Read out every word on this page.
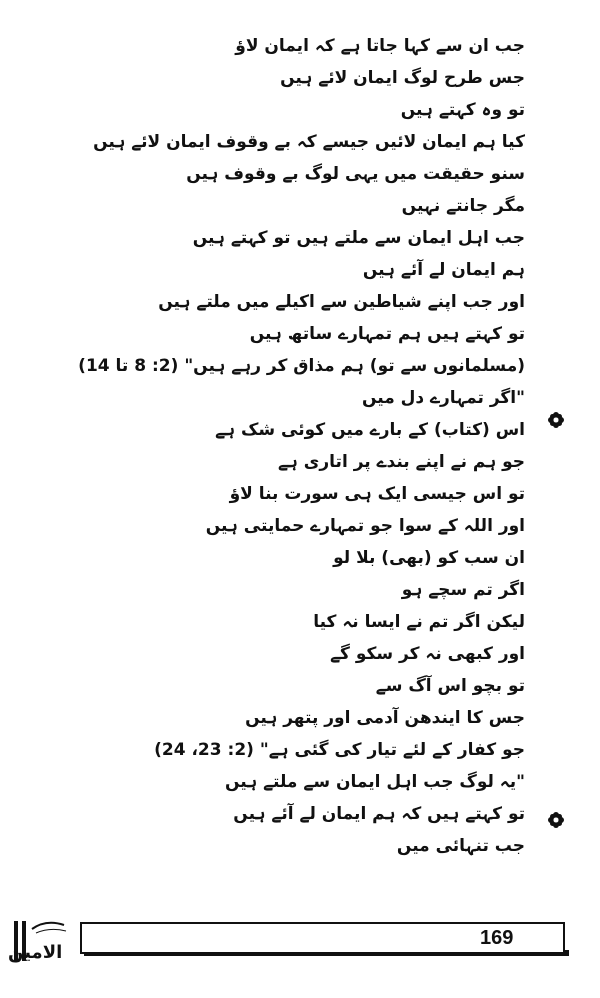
جب ان سے کہا جاتا ہے کہ ایمان لاؤ
جس طرح لوگ ایمان لائے ہیں
تو وہ کہتے ہیں
کیا ہم ایمان لائیں جیسے کہ بے وقوف ایمان لائے ہیں
سنو حقیقت میں یہی لوگ بے وقوف ہیں
مگر جانتے نہیں
جب اہل ایمان سے ملتے ہیں تو کہتے ہیں
ہم ایمان لے آئے ہیں
اور جب اپنے شیاطین سے اکیلے میں ملتے ہیں
تو کہتے ہیں ہم تمہارے ساتھ ہیں
(مسلمانوں سے تو) ہم مذاق کر رہے ہیں" (2: 8 تا 14)
"اگر تمہارے دل میں
اس (کتاب) کے بارے میں کوئی شک ہے
جو ہم نے اپنے بندے پر اتاری ہے
تو اس جیسی ایک ہی سورت بنا لاؤ
اور اللہ کے سوا جو تمہارے حمایتی ہیں
ان سب کو (بھی) بلا لو
اگر تم سچے ہو
لیکن اگر تم نے ایسا نہ کیا
اور کبھی نہ کر سکو گے
تو بچو اس آگ سے
جس کا ایندھن آدمی اور پتھر ہیں
جو کفار کے لئے تیار کی گئی ہے" (2: 23، 24)
"یہ لوگ جب اہل ایمان سے ملتے ہیں
تو کہتے ہیں کہ ہم ایمان لے آئے ہیں
جب تنہائی میں
169
الامین
